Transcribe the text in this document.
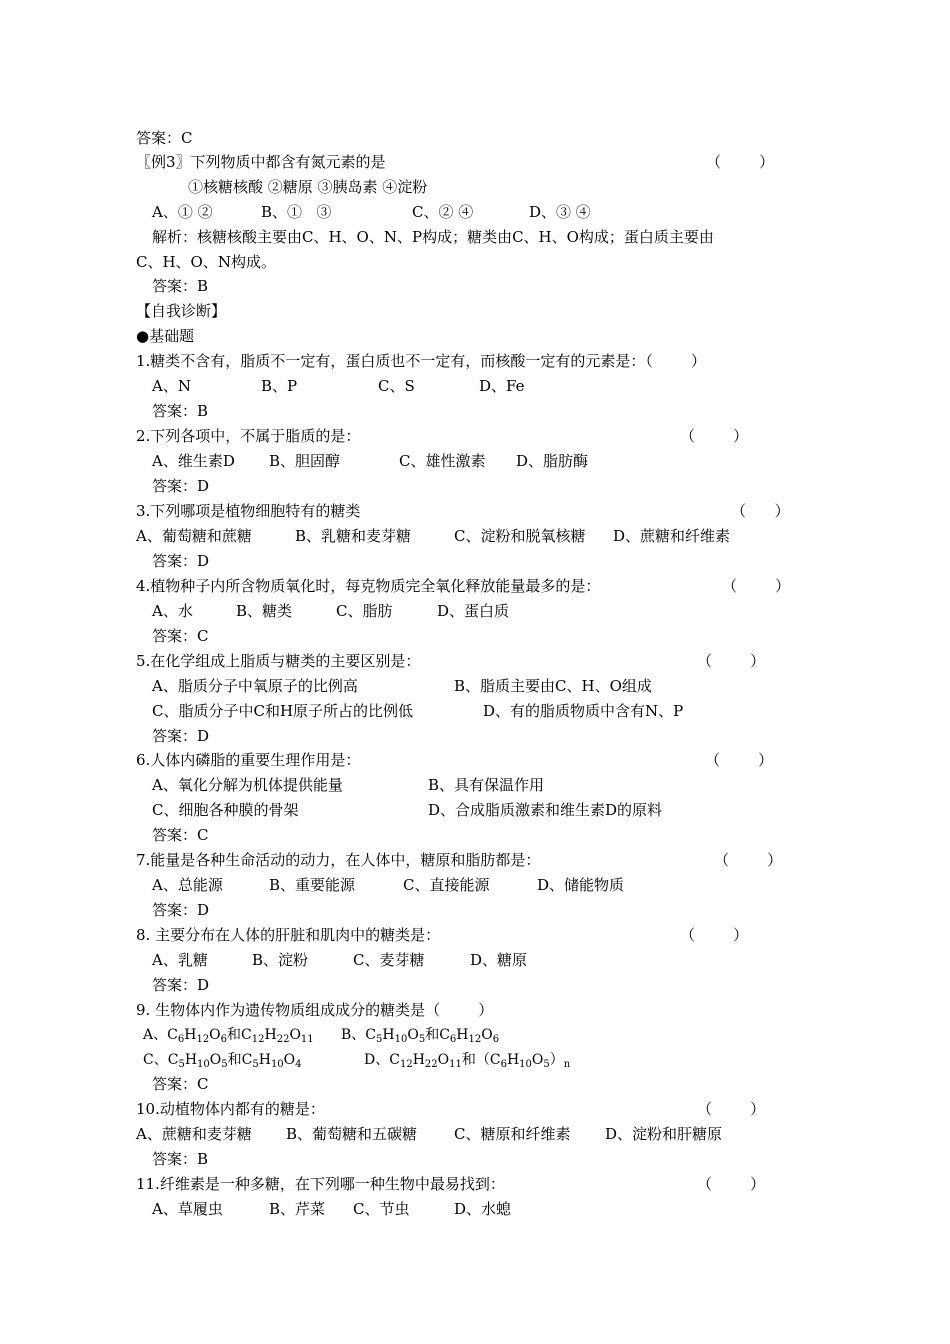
答案：C
〖例3〗下列物质中都含有氮元素的是	（        ）
①核糖核酸 ②糖原 ③胰岛素 ④淀粉
A、① ②	B、①   ③	C、② ④	D、③ ④
解析：核糖核酸主要由C、H、O、N、P构成；糖类由C、H、O构成；蛋白质主要由
C、H、O、N构成。
答案：B
【自我诊断】
●基础题
1.糖类不含有，脂质不一定有，蛋白质也不一定有，而核酸一定有的元素是：（        ）
A、N	B、P	C、S	D、Fe
答案：B
2.下列各项中，不属于脂质的是：	（        ）
A、维生素D B、胆固醇	C、雄性激素 D、脂肪酶
答案：D
3.下列哪项是植物细胞特有的糖类	（      ）
A、葡萄糖和蔗糖	B、乳糖和麦芽糖	C、淀粉和脱氧核糖 D、蔗糖和纤维素
答案：D
4.植物种子内所含物质氧化时，每克物质完全氧化释放能量最多的是：	（        ）
A、水	B、糖类	C、脂肪	D、蛋白质
答案：C
5.在化学组成上脂质与糖类的主要区别是：	（        ）
A、脂质分子中氧原子的比例高	B、脂质主要由C、H、O组成
C、脂质分子中C和H原子所占的比例低	D、有的脂质物质中含有N、P
答案：D
6.人体内磷脂的重要生理作用是：	（        ）
A、氧化分解为机体提供能量	B、具有保温作用
C、细胞各种膜的骨架	D、合成脂质激素和维生素D的原料
答案：C
7.能量是各种生命活动的动力，在人体中，糖原和脂肪都是：	（        ）
A、总能源	B、重要能源	C、直接能源	D、储能物质
答案：D
8. 主要分布在人体的肝脏和肌肉中的糖类是：	（        ）
A、乳糖	B、淀粉	C、麦芽糖	D、糖原
答案：D
9. 生物体内作为遗传物质组成成分的糖类是（        ）
A、$C_6H_{12}O_6$和$C_{12}H_{22}O_{11}$ B、$C_5H_{10}O_5$和$C_6H_{12}O_6$
C、$C_5H_{10}O_5$和$C_5H_{10}O_4$	D、$C_{12}H_{22}O_{11}$和$(C_6H_{10}O_5)_n$
答案：C
10.动植物体内都有的糖是：	（        ）
A、蔗糖和麦芽糖 B、葡萄糖和五碳糖 C、糖原和纤维素 D、淀粉和肝糖原
答案：B
11.纤维素是一种多糖，在下列哪一种生物中最易找到：	（        ）
A、草履虫	B、芹菜 C、节虫	D、水螅
